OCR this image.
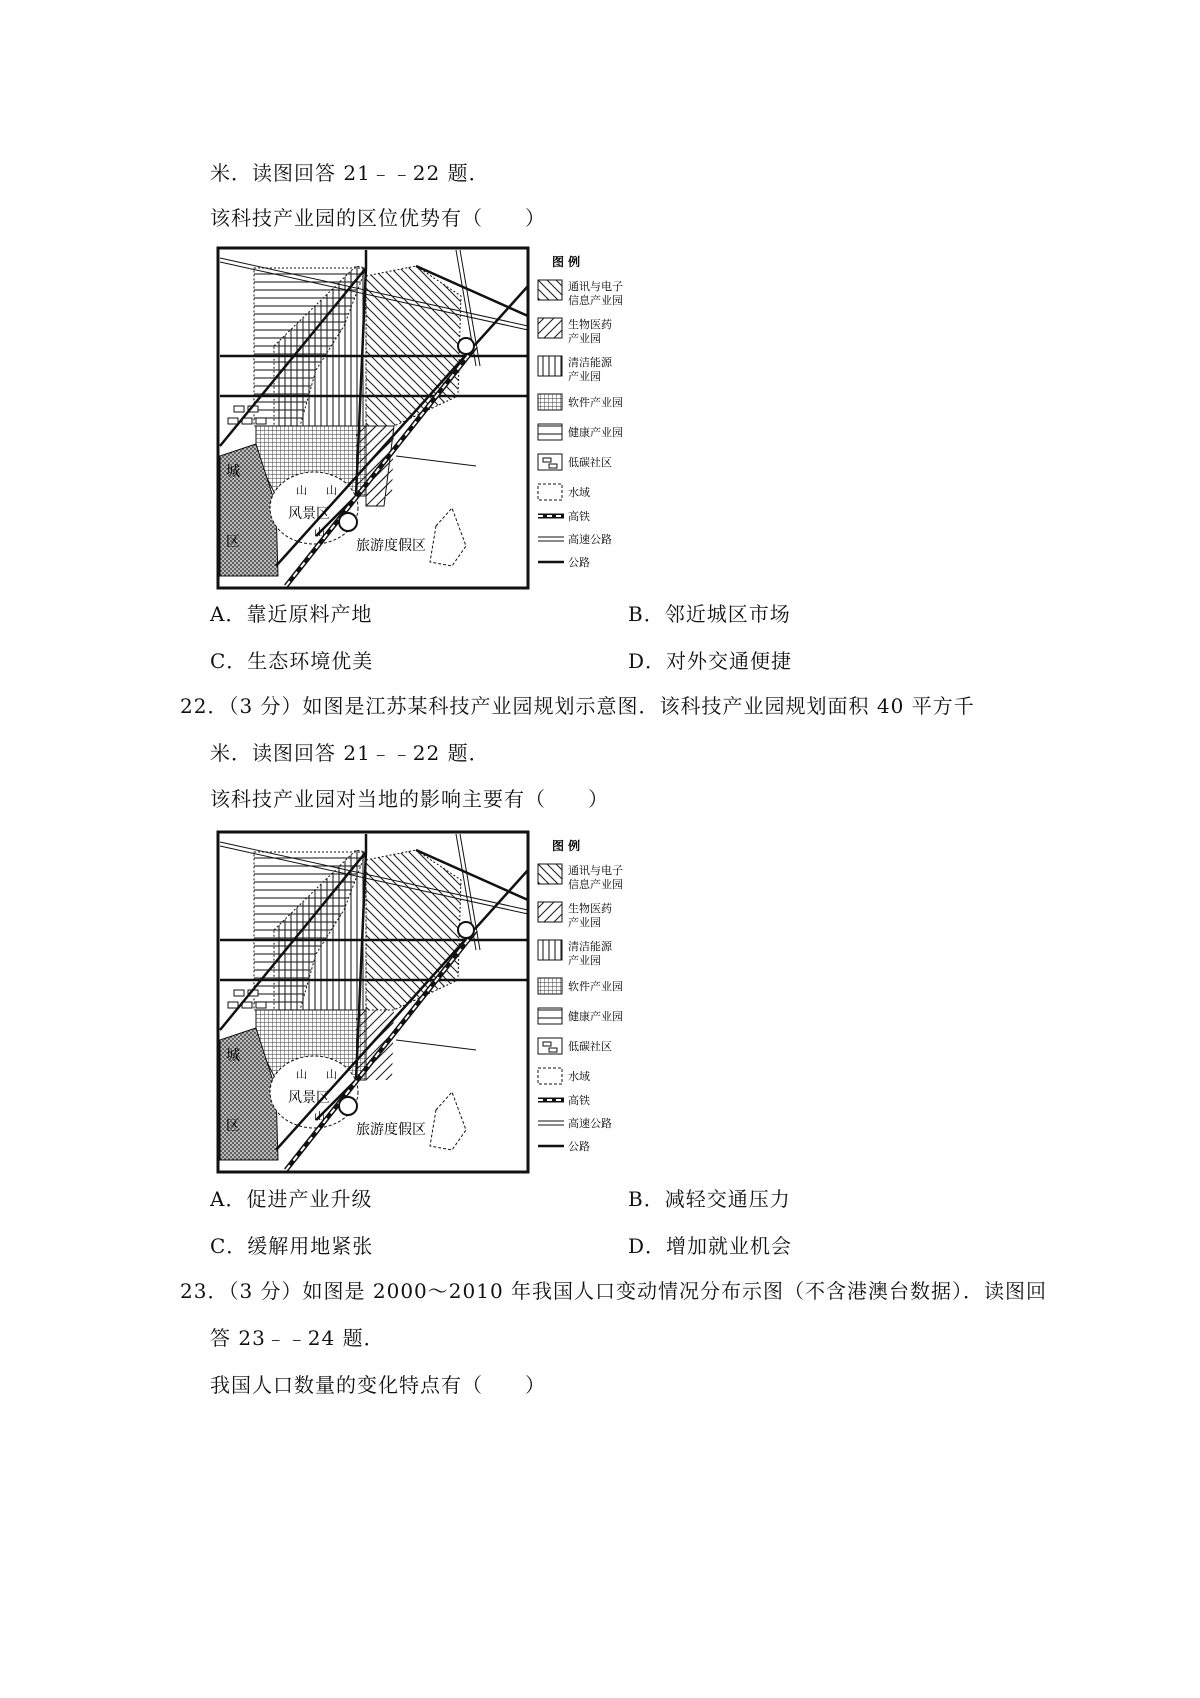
米．读图回答 21﹣﹣22 题．
该科技产业园的区位优势有（　　）
城
区
山 山
山
风景区
旅游度假区
图 例
通讯与电子
信息产业园
生物医药
产业园
清洁能源
产业园
软件产业园
健康产业园
低碳社区
水域
高铁
高速公路
公路
A．靠近原料产地	B．邻近城区市场
C．生态环境优美	D．对外交通便捷
22．（3 分）如图是江苏某科技产业园规划示意图．该科技产业园规划面积 40 平方千
米．读图回答 21﹣﹣22 题．
该科技产业园对当地的影响主要有（　　）
城
区
山 山
山
风景区
旅游度假区
图 例
通讯与电子
信息产业园
生物医药
产业园
清洁能源
产业园
软件产业园
健康产业园
低碳社区
水域
高铁
高速公路
公路
A．促进产业升级	B．减轻交通压力
C．缓解用地紧张	D．增加就业机会
23．（3 分）如图是 2000～2010 年我国人口变动情况分布示图（不含港澳台数据）．读图回
答 23﹣﹣24 题．
我国人口数量的变化特点有（　　）
